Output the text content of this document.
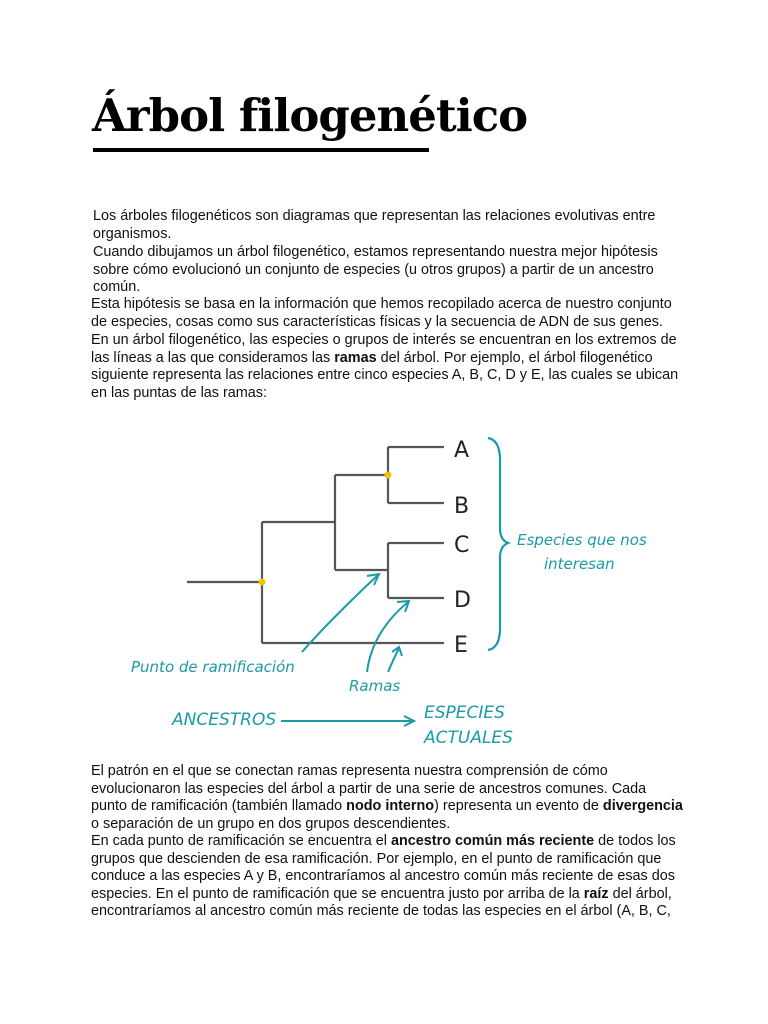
Árbol filogenético

Los árboles filogenéticos son diagramas que representan las relaciones evolutivas entre
organismos.

Cuando dibujamos un árbol filogenético, estamos representando nuestra mejor hipótesis
sobre cómo evolucionó un conjunto de especies (u otros grupos) a partir de un ancestro
común.

Esta hipótesis se basa en la información que hemos recopilado acerca de nuestro conjunto
de especies, cosas como sus características físicas y la secuencia de ADN de sus genes.

En un árbol filogenético, las especies o grupos de interés se encuentran en los extremos de
las líneas a las que consideramos las ramas del árbol. Por ejemplo, el árbol filogenético
siguiente representa las relaciones entre cinco especies A, B, C, D y E, las cuales se ubican
en las puntas de las ramas:

A
B
C
D
E
Especies que nos
interesan
Punto de ramificación
Ramas
ANCESTROS	ESPECIES
ACTUALES

El patrón en el que se conectan ramas representa nuestra comprensión de cómo
evolucionaron las especies del árbol a partir de una serie de ancestros comunes. Cada
punto de ramificación (también llamado nodo interno) representa un evento de divergencia
o separación de un grupo en dos grupos descendientes.

En cada punto de ramificación se encuentra el ancestro común más reciente de todos los
grupos que descienden de esa ramificación. Por ejemplo, en el punto de ramificación que
conduce a las especies A y B, encontraríamos al ancestro común más reciente de esas dos
especies. En el punto de ramificación que se encuentra justo por arriba de la raíz del árbol,
encontraríamos al ancestro común más reciente de todas las especies en el árbol (A, B, C,
